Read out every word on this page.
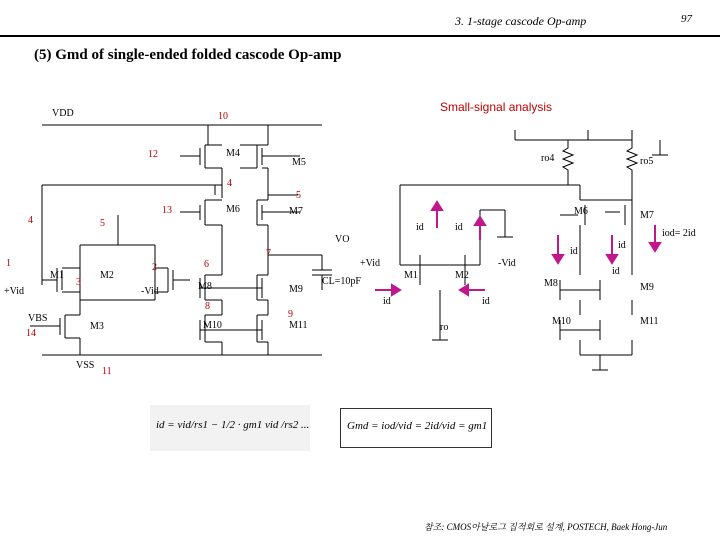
3. 1-stage cascode Op-amp	97
(5) Gmd of single-ended folded cascode Op-amp
VDD	10
12
4
4
5
5
13
7
6
1
3
2
8
9
14
11
VBS
VSS
+Vid	-Vid
VO
CL=10pF
M1	M2
M3
M4
M5
M6	M7
M8	M9
M10	M11
Small-signal analysis
ro4	ro5
+Vid	-Vid
ro
iod= 2id
id	id
id
id
id
id	id
M1	M2
M6	M7
M8	M9
M10	M11
id = vid/rs1 − 1/2 · gm1 vid /rs2 ...	Gmd = iod/vid = 2id/vid = gm1
참조: CMOS아날로그 집적회로 설계, POSTECH, Baek Hong-Jun
